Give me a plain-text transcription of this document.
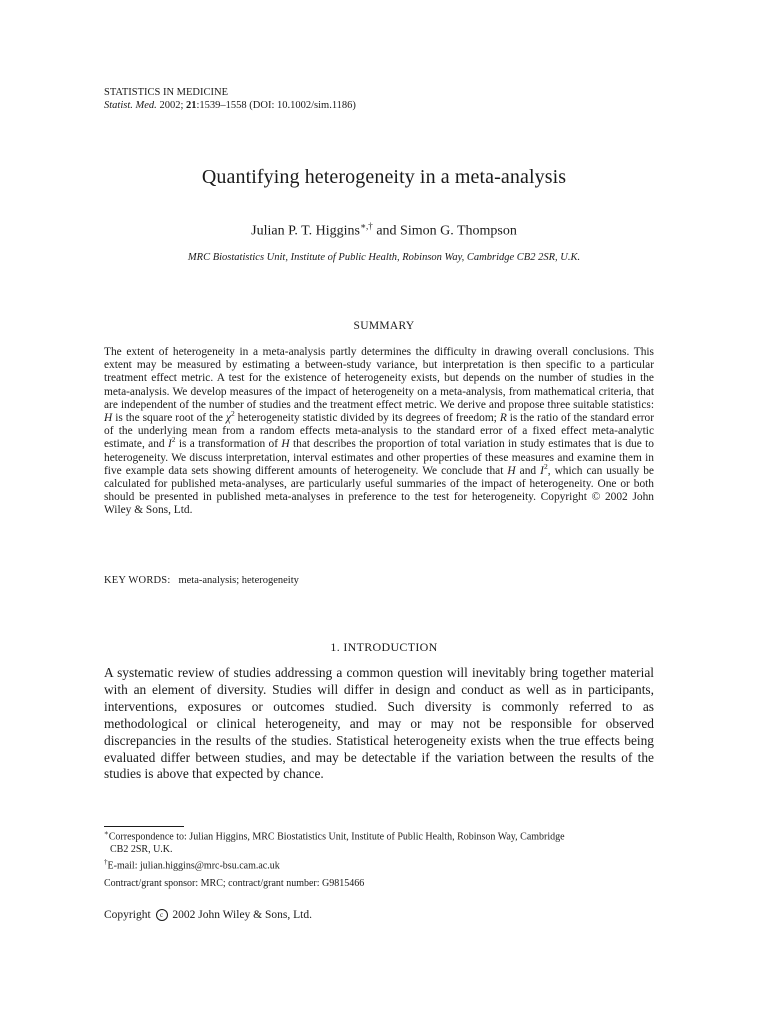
STATISTICS IN MEDICINE
Statist. Med. 2002; 21:1539–1558 (DOI: 10.1002/sim.1186)
Quantifying heterogeneity in a meta-analysis
Julian P. T. Higgins∗,† and Simon G. Thompson
MRC Biostatistics Unit, Institute of Public Health, Robinson Way, Cambridge CB2 2SR, U.K.
SUMMARY
The extent of heterogeneity in a meta-analysis partly determines the difficulty in drawing overall conclusions. This extent may be measured by estimating a between-study variance, but interpretation is then specific to a particular treatment effect metric. A test for the existence of heterogeneity exists, but depends on the number of studies in the meta-analysis. We develop measures of the impact of heterogeneity on a meta-analysis, from mathematical criteria, that are independent of the number of studies and the treatment effect metric. We derive and propose three suitable statistics: H is the square root of the $\chi^2$ heterogeneity statistic divided by its degrees of freedom; R is the ratio of the standard error of the underlying mean from a random effects meta-analysis to the standard error of a fixed effect meta-analytic estimate, and $I^2$ is a transformation of H that describes the proportion of total variation in study estimates that is due to heterogeneity. We discuss interpretation, interval estimates and other properties of these measures and examine them in five example data sets showing different amounts of heterogeneity. We conclude that H and $I^2$, which can usually be calculated for published meta-analyses, are particularly useful summaries of the impact of heterogeneity. One or both should be presented in published meta-analyses in preference to the test for heterogeneity. Copyright © 2002 John Wiley & Sons, Ltd.
KEY WORDS: meta-analysis; heterogeneity
1. INTRODUCTION
A systematic review of studies addressing a common question will inevitably bring together material with an element of diversity. Studies will differ in design and conduct as well as in participants, interventions, exposures or outcomes studied. Such diversity is commonly referred to as methodological or clinical heterogeneity, and may or may not be responsible for observed discrepancies in the results of the studies. Statistical heterogeneity exists when the true effects being evaluated differ between studies, and may be detectable if the variation between the results of the studies is above that expected by chance.
∗Correspondence to: Julian Higgins, MRC Biostatistics Unit, Institute of Public Health, Robinson Way, Cambridge
CB2 2SR, U.K.
†E-mail: julian.higgins@mrc-bsu.cam.ac.uk
Contract/grant sponsor: MRC; contract/grant number: G9815466
Copyright c 2002 John Wiley & Sons, Ltd.
